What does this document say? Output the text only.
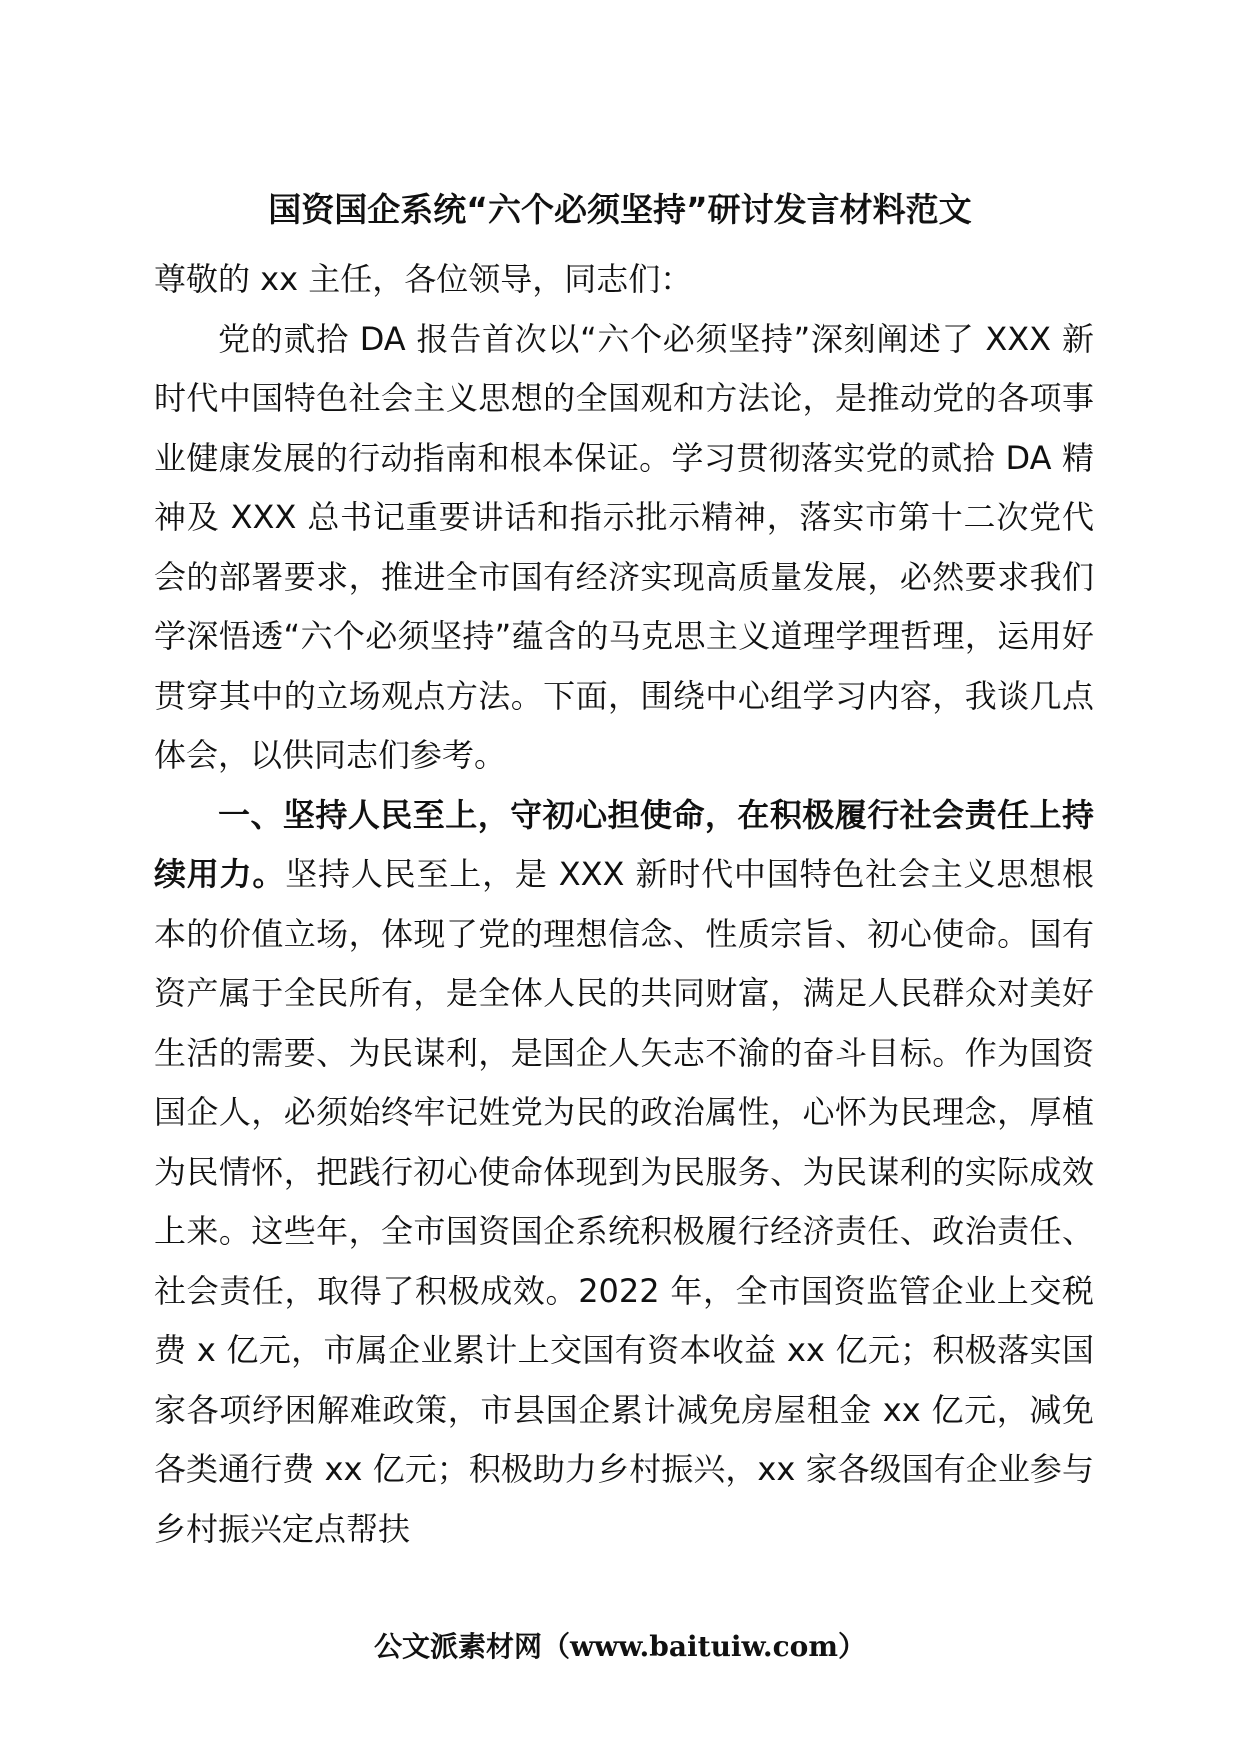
国资国企系统“六个必须坚持”研讨发言材料范文

尊敬的 xx 主任，各位领导，同志们：

党的贰拾 DA 报告首次以“六个必须坚持”深刻阐述了 XXX 新时代中国特色社会主义思想的全国观和方法论，是推动党的各项事业健康发展的行动指南和根本保证。学习贯彻落实党的贰拾 DA 精神及 XXX 总书记重要讲话和指示批示精神，落实市第十二次党代会的部署要求，推进全市国有经济实现高质量发展，必然要求我们学深悟透“六个必须坚持”蕴含的马克思主义道理学理哲理，运用好贯穿其中的立场观点方法。下面，围绕中心组学习内容，我谈几点体会，以供同志们参考。

一、坚持人民至上，守初心担使命，在积极履行社会责任上持续用力。坚持人民至上，是 XXX 新时代中国特色社会主义思想根本的价值立场，体现了党的理想信念、性质宗旨、初心使命。国有资产属于全民所有，是全体人民的共同财富，满足人民群众对美好生活的需要、为民谋利，是国企人矢志不渝的奋斗目标。作为国资国企人，必须始终牢记姓党为民的政治属性，心怀为民理念，厚植为民情怀，把践行初心使命体现到为民服务、为民谋利的实际成效上来。这些年，全市国资国企系统积极履行经济责任、政治责任、社会责任，取得了积极成效。2022 年，全市国资监管企业上交税费 x 亿元，市属企业累计上交国有资本收益 xx 亿元；积极落实国家各项纾困解难政策，市县国企累计减免房屋租金 xx 亿元，减免各类通行费 xx 亿元；积极助力乡村振兴，xx 家各级国有企业参与乡村振兴定点帮扶

公文派素材网（www.baituiw.com）
